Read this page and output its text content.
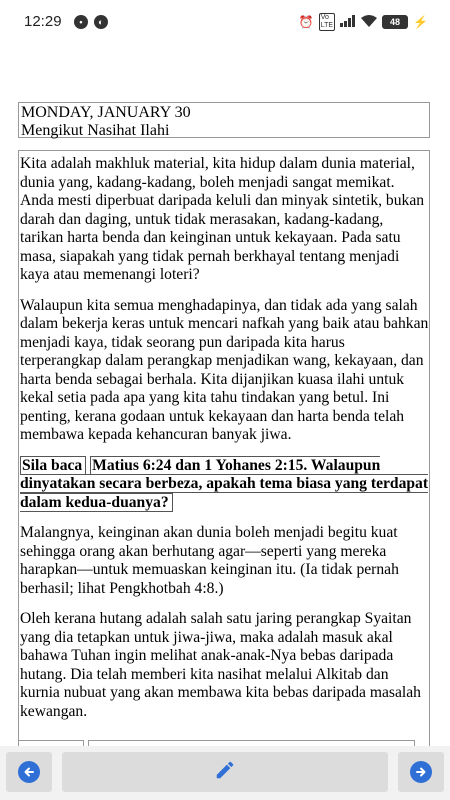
12:29	•	◐	⏰ Vo
LTE	48	⚡
MONDAY, JANUARY 30
Mengikut Nasihat Ilahi

Kita adalah makhluk material, kita hidup dalam dunia material, dunia yang, kadang-kadang, boleh menjadi sangat memikat. Anda mesti diperbuat daripada keluli dan minyak sintetik, bukan darah dan daging, untuk tidak merasakan, kadang-kadang, tarikan harta benda dan keinginan untuk kekayaan. Pada satu masa, siapakah yang tidak pernah berkhayal tentang menjadi kaya atau memenangi loteri?

Walaupun kita semua menghadapinya, dan tidak ada yang salah dalam bekerja keras untuk mencari nafkah yang baik atau bahkan menjadi kaya, tidak seorang pun daripada kita harus terperangkap dalam perangkap menjadikan wang, kekayaan, dan harta benda sebagai berhala. Kita dijanjikan kuasa ilahi untuk kekal setia pada apa yang kita tahu tindakan yang betul. Ini penting, kerana godaan untuk kekayaan dan harta benda telah membawa kepada kehancuran banyak jiwa.

Sila baca Matius 6:24 dan 1 Yohanes 2:15. Walaupun dinyatakan secara berbeza, apakah tema biasa yang terdapat dalam kedua-duanya?

Malangnya, keinginan akan dunia boleh menjadi begitu kuat sehingga orang akan berhutang agar—seperti yang mereka harapkan—untuk memuaskan keinginan itu. (Ia tidak pernah berhasil; lihat Pengkhotbah 4:8.)

Oleh kerana hutang adalah salah satu jaring perangkap Syaitan yang dia tetapkan untuk jiwa-jiwa, maka adalah masuk akal bahawa Tuhan ingin melihat anak-anak-Nya bebas daripada hutang. Dia telah memberi kita nasihat melalui Alkitab dan kurnia nubuat yang akan membawa kita bebas daripada masalah kewangan.
